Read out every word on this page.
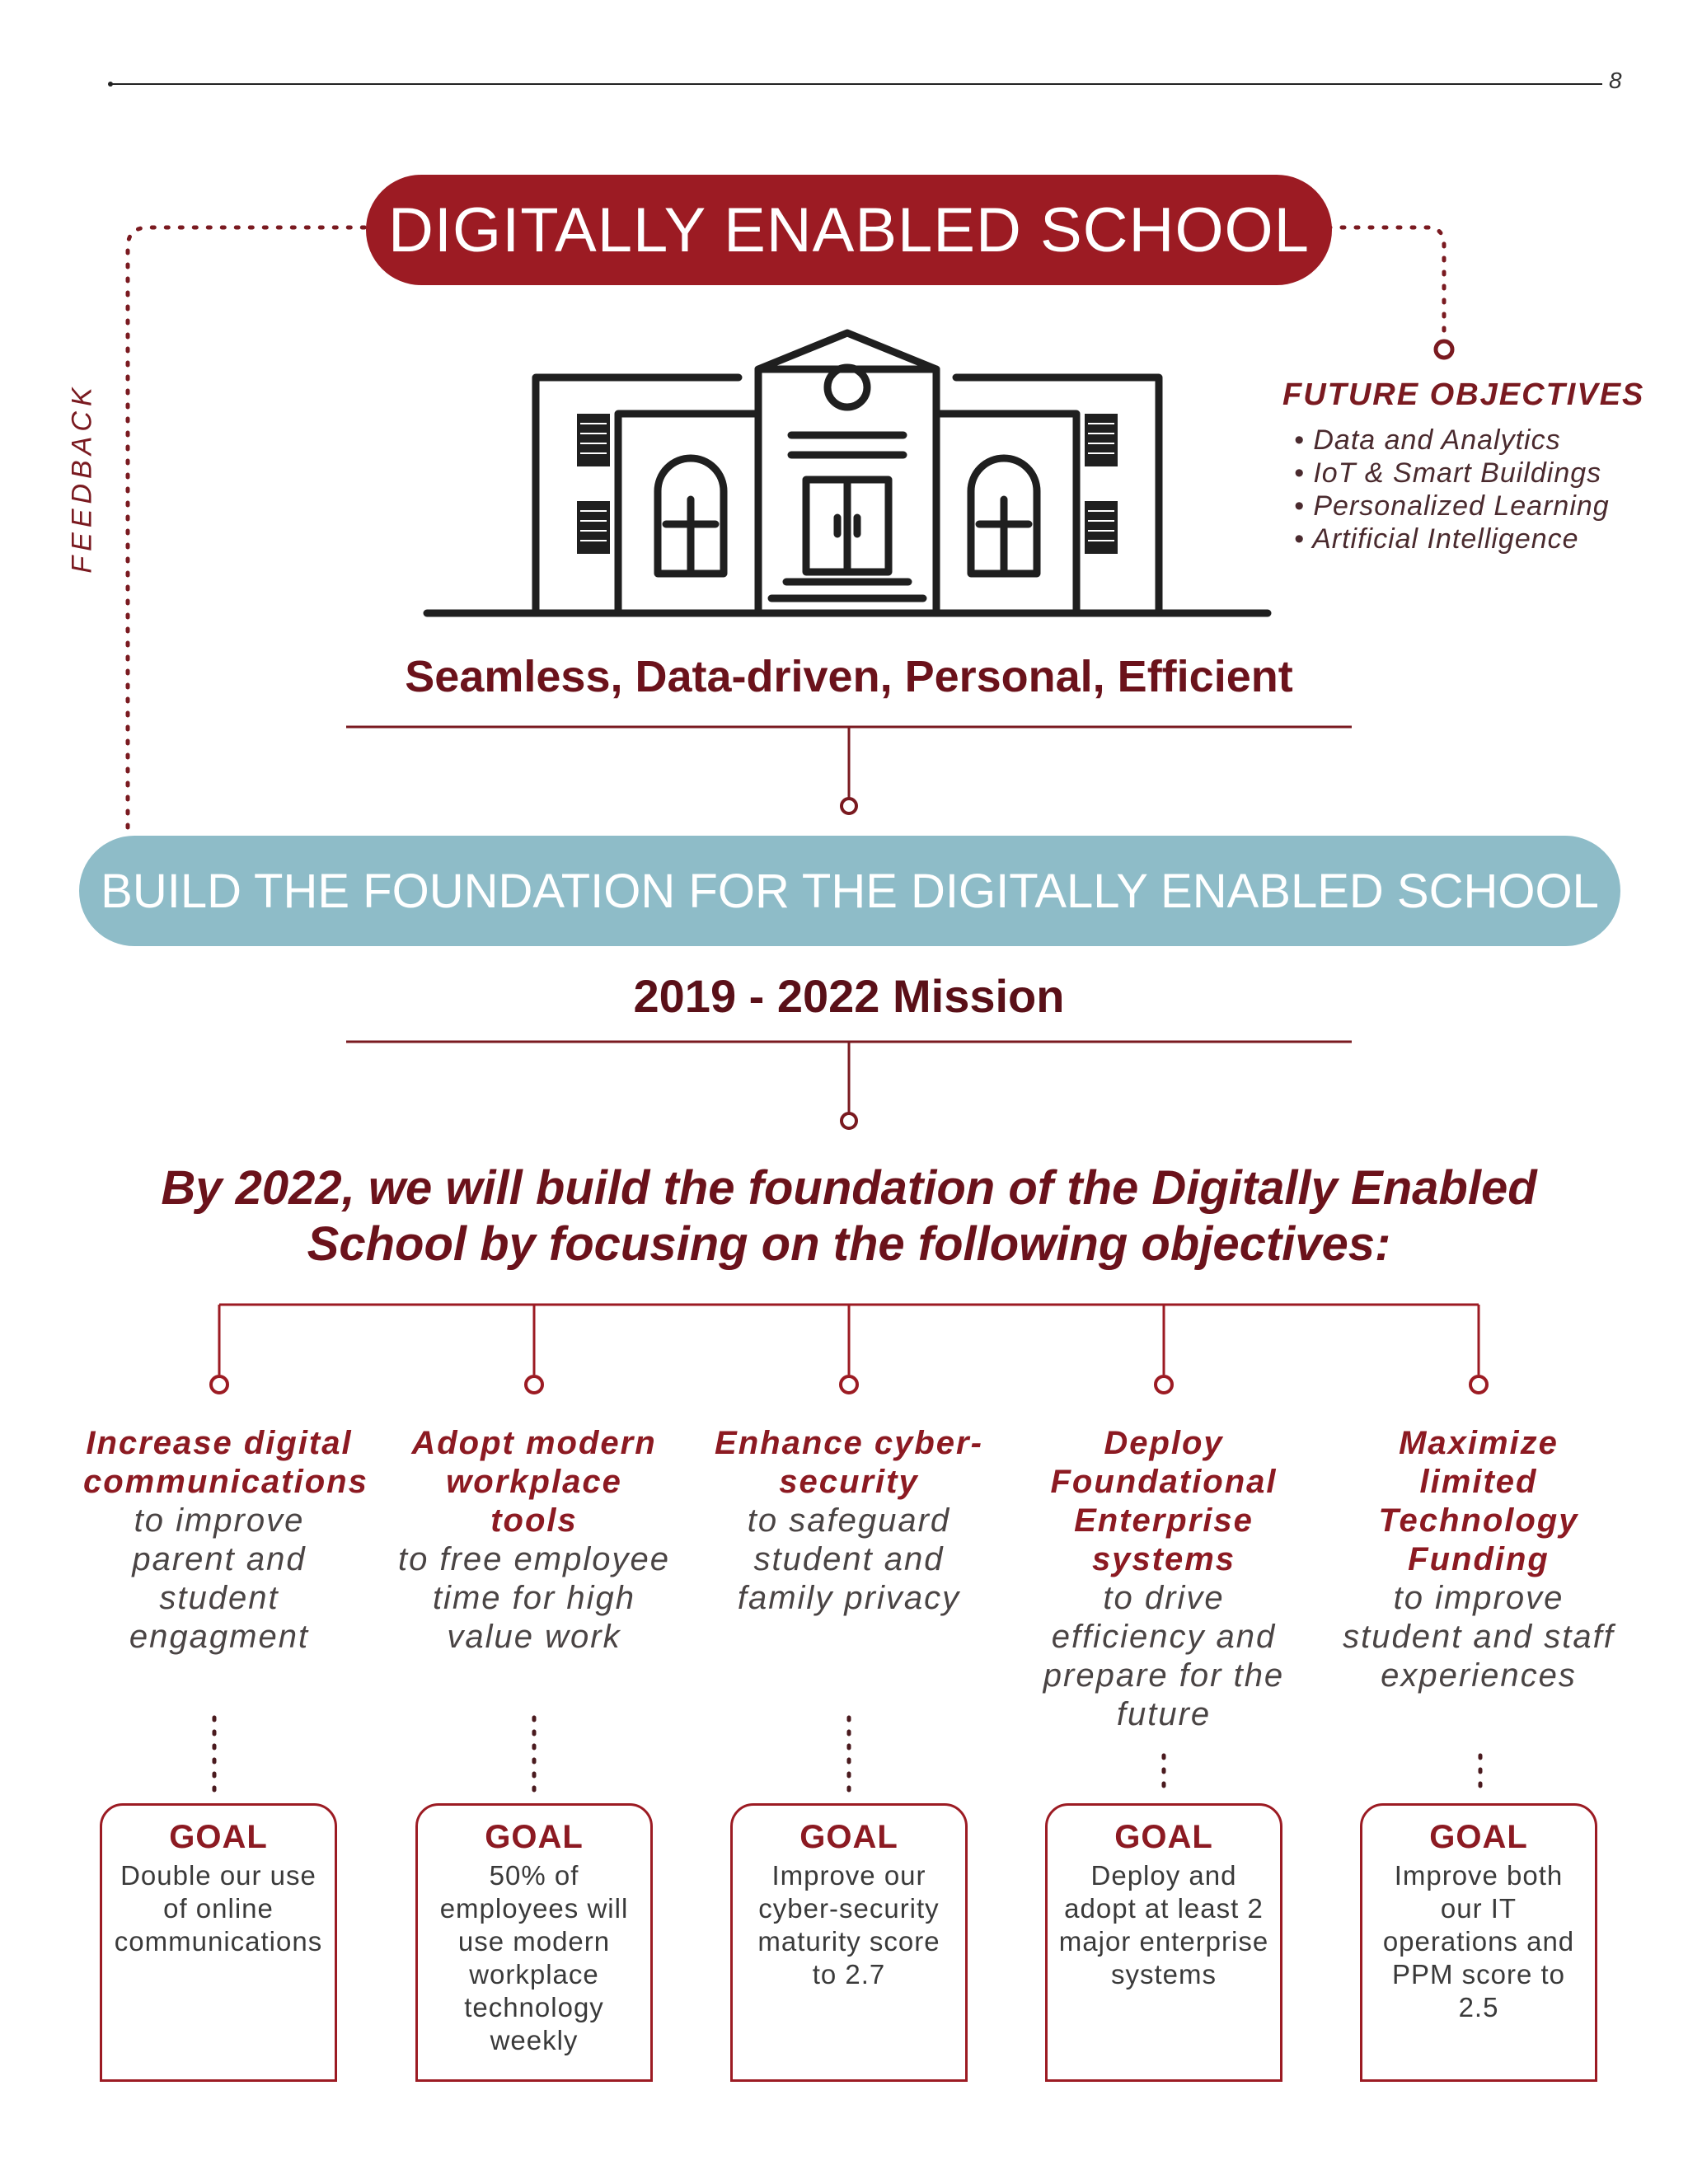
8
DIGITALLY ENABLED SCHOOL
FEEDBACK	FUTURE OBJECTIVES
• Data and Analytics
• IoT & Smart Buildings
• Personalized Learning
• Artificial Intelligence
Seamless, Data-driven, Personal, Efficient
BUILD THE FOUNDATION FOR THE DIGITALLY ENABLED SCHOOL
2019 - 2022 Mission
By 2022, we will build the foundation of the Digitally Enabled School by focusing on the following objectives:
Increase digital communications
to improve parent and student engagment
Adopt modern workplace tools
to free employee time for high value work
Enhance cyber-security
to safeguard student and family privacy
Deploy Foundational Enterprise systems
to drive efficiency and prepare for the future
Maximize limited Technology Funding
to improve student and staff experiences
GOAL
Double our use of online communications
GOAL
50% of employees will use modern workplace technology weekly
GOAL
Improve our cyber-security maturity score to 2.7
GOAL
Deploy and adopt at least 2 major enterprise systems
GOAL
Improve both our IT operations and PPM score to 2.5
